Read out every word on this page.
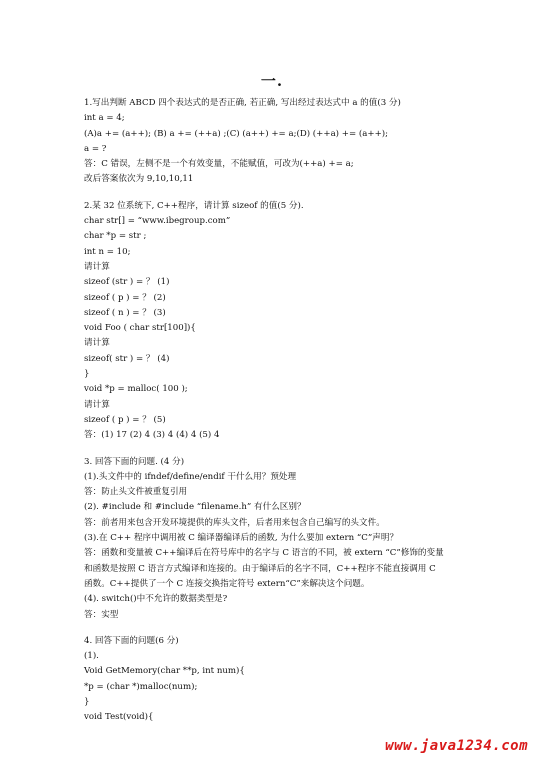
一.
1.写出判断 ABCD 四个表达式的是否正确, 若正确, 写出经过表达式中 a 的值(3 分)
int a = 4;
(A)a += (a++); (B) a += (++a) ;(C) (a++) += a;(D) (++a) += (a++);
a = ?
答：C 错误，左侧不是一个有效变量，不能赋值，可改为(++a) += a;
改后答案依次为 9,10,10,11
2.某 32 位系统下, C++程序，请计算 sizeof 的值(5 分).
char str[] = “www.ibegroup.com”
char *p = str ;
int n = 10;
请计算
sizeof (str ) = ？ (1)
sizeof ( p ) = ？ (2)
sizeof ( n ) = ？ (3)
void Foo ( char str[100]){
请计算
sizeof( str ) = ？ (4)
}
void *p = malloc( 100 );
请计算
sizeof ( p ) = ？ (5)
答：(1) 17 (2) 4 (3) 4 (4) 4 (5) 4
3. 回答下面的问题. (4 分)
(1).头文件中的 ifndef/define/endif 干什么用？预处理
答：防止头文件被重复引用
(2). #include 和 #include “filename.h” 有什么区别？
答：前者用来包含开发环境提供的库头文件，后者用来包含自己编写的头文件。
(3).在 C++ 程序中调用被 C 编译器编译后的函数, 为什么要加 extern “C”声明？
答：函数和变量被 C++编译后在符号库中的名字与 C 语言的不同，被 extern “C”修饰的变量
和函数是按照 C 语言方式编译和连接的。由于编译后的名字不同，C++程序不能直接调用 C
函数。C++提供了一个 C 连接交换指定符号 extern“C”来解决这个问题。
(4). switch()中不允许的数据类型是?
答：实型
4. 回答下面的问题(6 分)
(1).
Void GetMemory(char **p, int num){
*p = (char *)malloc(num);
}
void Test(void){
www.java1234.com
